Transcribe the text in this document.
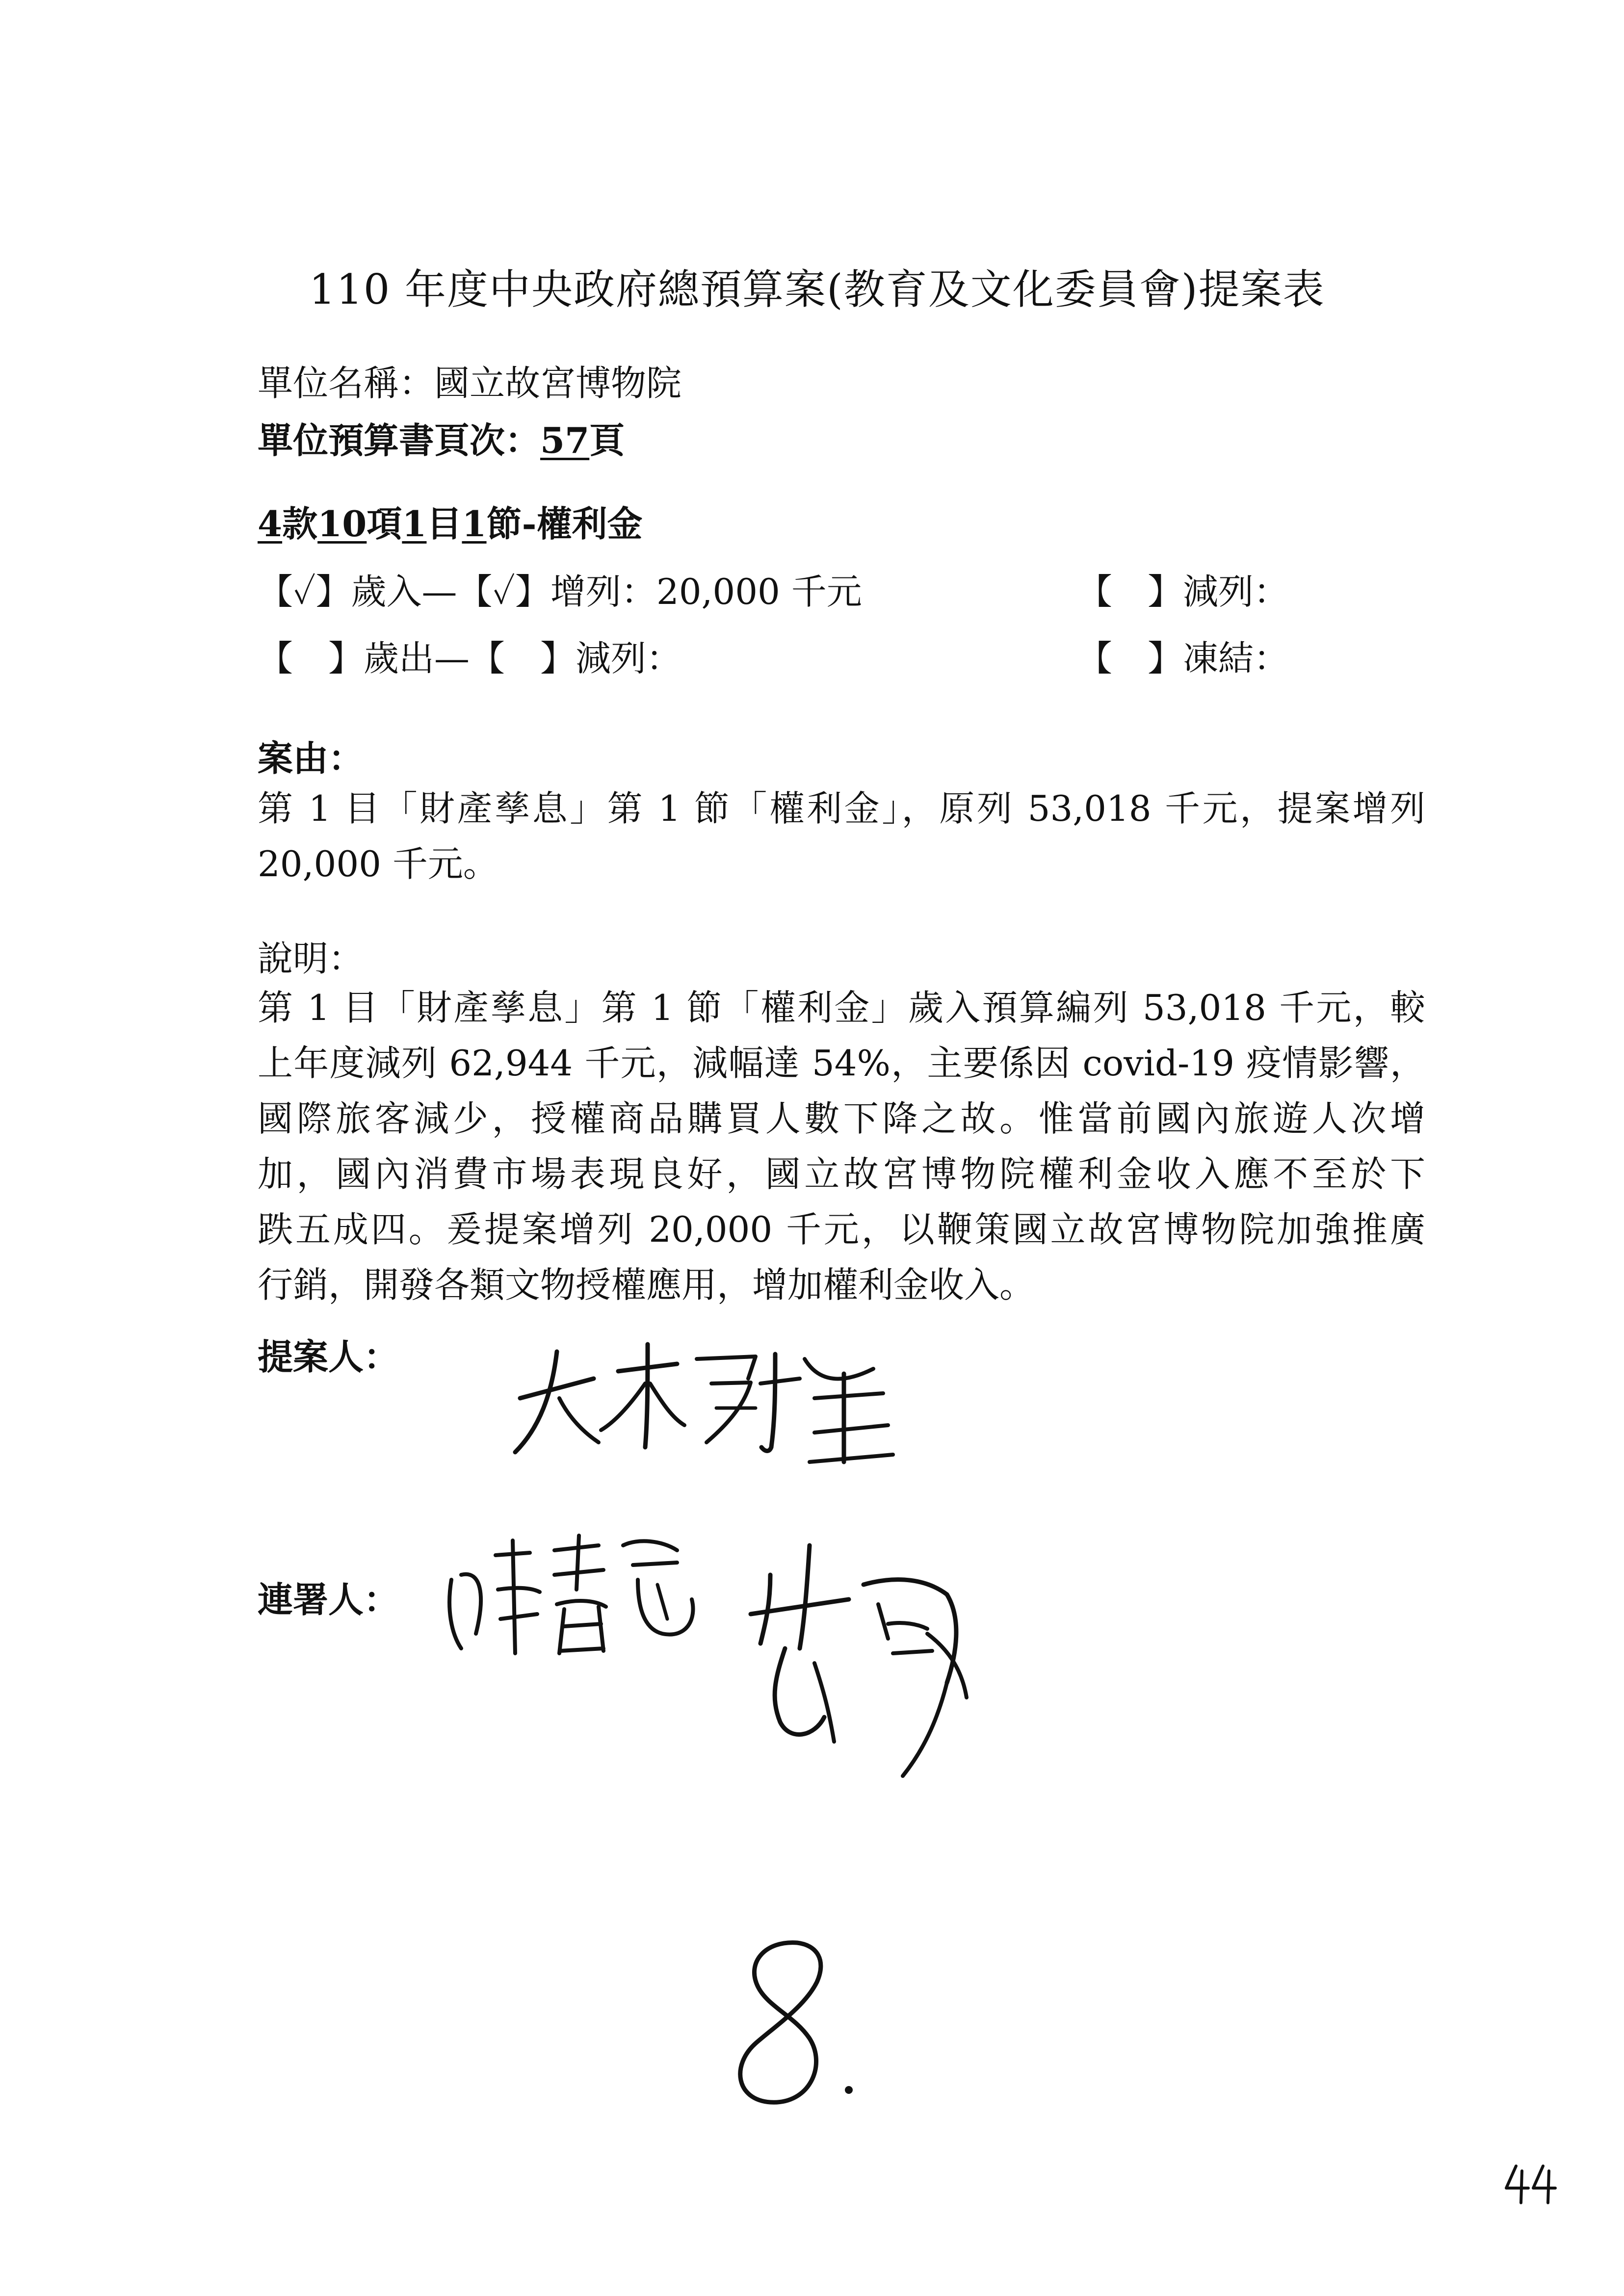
110 年度中央政府總預算案(教育及文化委員會)提案表
單位名稱：國立故宮博物院
單位預算書頁次：57頁
4款10項1目1節-權利金
【✓】歲入—【✓】增列：20,000 千元	【　】減列：
【　】歲出—【　】減列：	【　】凍結：
案由：
第 1 目「財產孳息」第 1 節「權利金」，原列 53,018 千元，提案增列
20,000 千元。
說明：
第 1 目「財產孳息」第 1 節「權利金」歲入預算編列 53,018 千元，較
上年度減列 62,944 千元，減幅達 54%，主要係因 covid-19 疫情影響，
國際旅客減少，授權商品購買人數下降之故。惟當前國內旅遊人次增
加，國內消費市場表現良好，國立故宮博物院權利金收入應不至於下
跌五成四。爰提案增列 20,000 千元，以鞭策國立故宮博物院加強推廣
行銷，開發各類文物授權應用，增加權利金收入。
提案人：
連署人：
